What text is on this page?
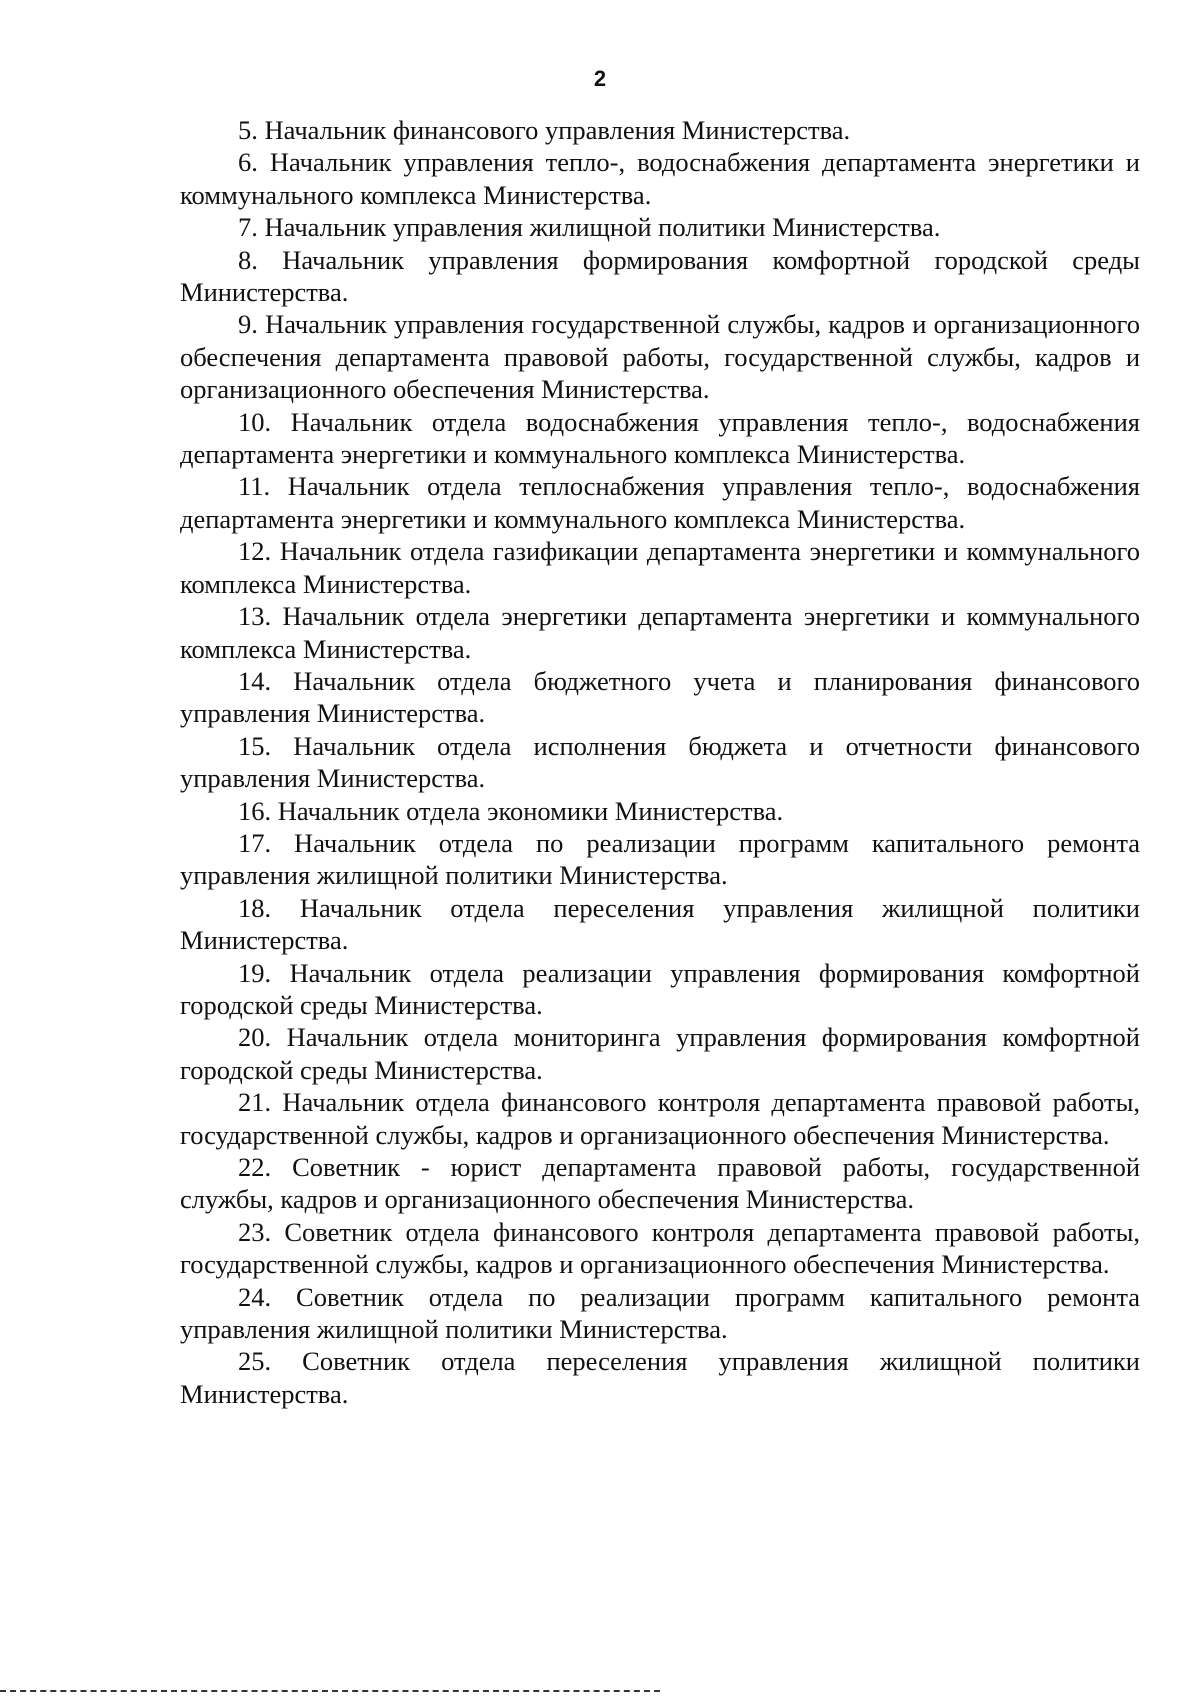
2

5. Начальник финансового управления Министерства.

6. Начальник управления тепло-, водоснабжения департамента энергетики и коммунального комплекса Министерства.

7. Начальник управления жилищной политики Министерства.

8. Начальник управления формирования комфортной городской среды Министерства.

9. Начальник управления государственной службы, кадров и организационного обеспечения департамента правовой работы, государственной службы, кадров и организационного обеспечения Министерства.

10. Начальник отдела водоснабжения управления тепло-, водоснабжения департамента энергетики и коммунального комплекса Министерства.

11. Начальник отдела теплоснабжения управления тепло-, водоснабжения департамента энергетики и коммунального комплекса Министерства.

12. Начальник отдела газификации департамента энергетики и коммунального комплекса Министерства.

13. Начальник отдела энергетики департамента энергетики и коммунального комплекса Министерства.

14. Начальник отдела бюджетного учета и планирования финансового управления Министерства.

15. Начальник отдела исполнения бюджета и отчетности финансового управления Министерства.

16. Начальник отдела экономики Министерства.

17. Начальник отдела по реализации программ капитального ремонта управления жилищной политики Министерства.

18. Начальник отдела переселения управления жилищной политики Министерства.

19. Начальник отдела реализации управления формирования комфортной городской среды Министерства.

20. Начальник отдела мониторинга управления формирования комфортной городской среды Министерства.

21. Начальник отдела финансового контроля департамента правовой работы, государственной службы, кадров и организационного обеспечения Министерства.

22. Советник - юрист департамента правовой работы, государственной службы, кадров и организационного обеспечения Министерства.

23. Советник отдела финансового контроля департамента правовой работы, государственной службы, кадров и организационного обеспечения Министерства.

24. Советник отдела по реализации программ капитального ремонта управления жилищной политики Министерства.

25. Советник отдела переселения управления жилищной политики Министерства.
